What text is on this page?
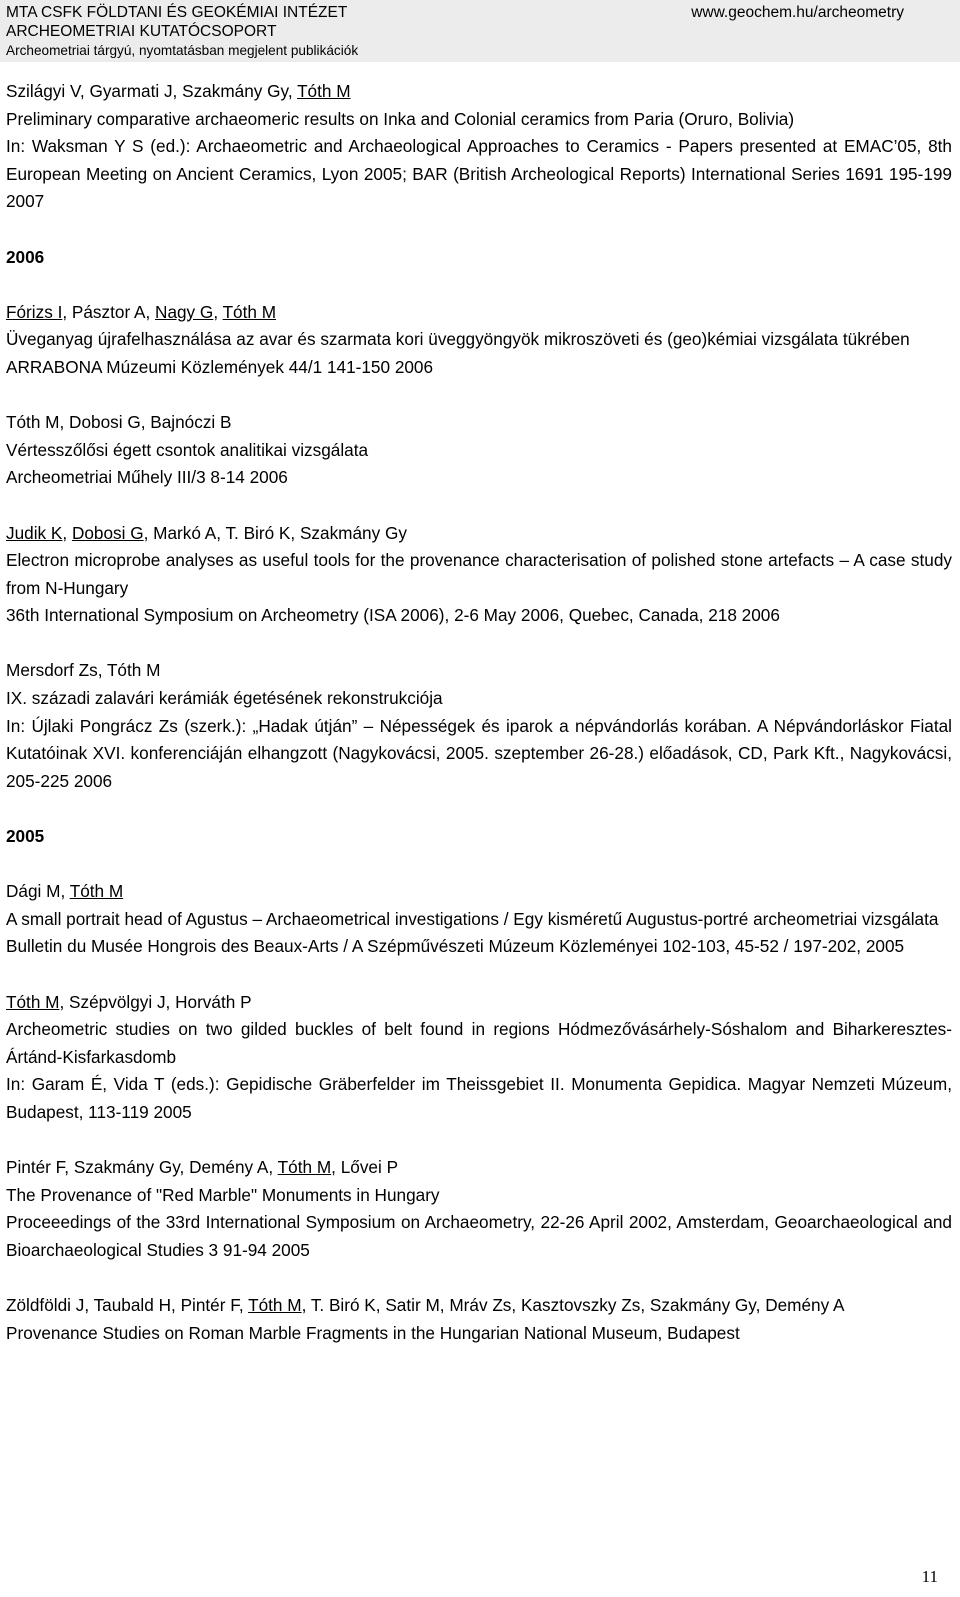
MTA CSFK FÖLDTANI ÉS GEOKÉMIAI INTÉZET
ARCHEOMETRIAI KUTATÓCSOPORT
Archeometriai tárgyú, nyomtatásban megjelent publikációk
www.geochem.hu/archeometry

Szilágyi V, Gyarmati J, Szakmány Gy, Tóth M

Preliminary comparative archaeomeric results on Inka and Colonial ceramics from Paria (Oruro, Bolivia)

In: Waksman Y S (ed.): Archaeometric and Archaeological Approaches to Ceramics - Papers presented at EMAC’05, 8th European Meeting on Ancient Ceramics, Lyon 2005; BAR (British Archeological Reports) International Series 1691 195-199 2007

2006

Fórizs I, Pásztor A, Nagy G, Tóth M

Üveganyag újrafelhasználása az avar és szarmata kori üveggyöngyök mikroszöveti és (geo)kémiai vizsgálata tükrében

ARRABONA Múzeumi Közlemények 44/1 141-150 2006

Tóth M, Dobosi G, Bajnóczi B

Vértesszőlősi égett csontok analitikai vizsgálata

Archeometriai Műhely III/3 8-14 2006

Judik K, Dobosi G, Markó A, T. Biró K, Szakmány Gy

Electron microprobe analyses as useful tools for the provenance characterisation of polished stone artefacts – A case study from N-Hungary

36th International Symposium on Archeometry (ISA 2006), 2-6 May 2006, Quebec, Canada, 218 2006

Mersdorf Zs, Tóth M

IX. századi zalavári kerámiák égetésének rekonstrukciója

In: Újlaki Pongrácz Zs (szerk.): „Hadak útján” – Népességek és iparok a népvándorlás korában. A Népvándorláskor Fiatal Kutatóinak XVI. konferenciáján elhangzott (Nagykovácsi, 2005. szeptember 26-28.) előadások, CD, Park Kft., Nagykovácsi, 205-225 2006

2005

Dági M, Tóth M

A small portrait head of Agustus – Archaeometrical investigations / Egy kisméretű Augustus-portré archeometriai vizsgálata

Bulletin du Musée Hongrois des Beaux-Arts / A Szépművészeti Múzeum Közleményei 102-103, 45-52 / 197-202, 2005

Tóth M, Szépvölgyi J, Horváth P

Archeometric studies on two gilded buckles of belt found in regions Hódmezővásárhely-Sóshalom and Biharkeresztes- Ártánd-Kisfarkasdomb

In: Garam É, Vida T (eds.): Gepidische Gräberfelder im Theissgebiet II. Monumenta Gepidica. Magyar Nemzeti Múzeum, Budapest, 113-119 2005

Pintér F, Szakmány Gy, Demény A, Tóth M, Lővei P

The Provenance of "Red Marble" Monuments in Hungary

Proceeedings of the 33rd International Symposium on Archaeometry, 22-26 April 2002, Amsterdam, Geoarchaeological and Bioarchaeological Studies 3 91-94 2005

Zöldföldi J, Taubald H, Pintér F, Tóth M, T. Biró K, Satir M, Mráv Zs, Kasztovszky Zs, Szakmány Gy, Demény A

Provenance Studies on Roman Marble Fragments in the Hungarian National Museum, Budapest

11
